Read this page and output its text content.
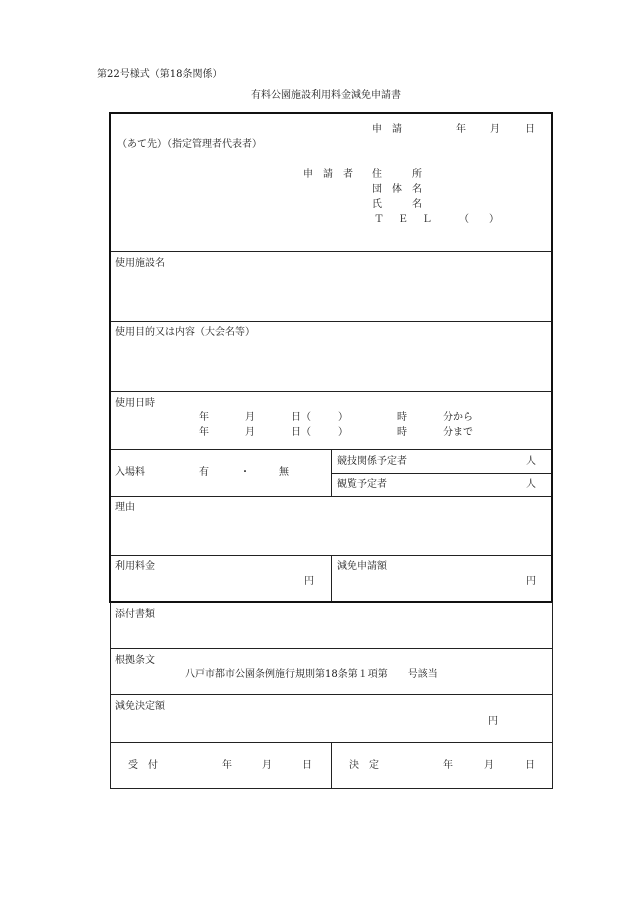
第22号様式（第18条関係）
有料公園施設利用料金減免申請書
申　請	年 月	日
（あて先）（指定管理者代表者）
申　請　者 住　　　所
団　体　名
氏　　　名
ＴＥＬ （　　）
使用施設名
使用目的又は内容（大会名等）
使用日時
年	月	日（	）	時	分から
年	月	日（	）	時	分まで
入場料	有	・	無
競技関係予定者	人
観覧予定者	人
理由
利用料金
円
減免申請額
円
添付書類
根拠条文
八戸市都市公園条例施行規則第18条第１項第　　号該当
減免決定額
円
受　付	年	月	日	決　定	年	月	日
